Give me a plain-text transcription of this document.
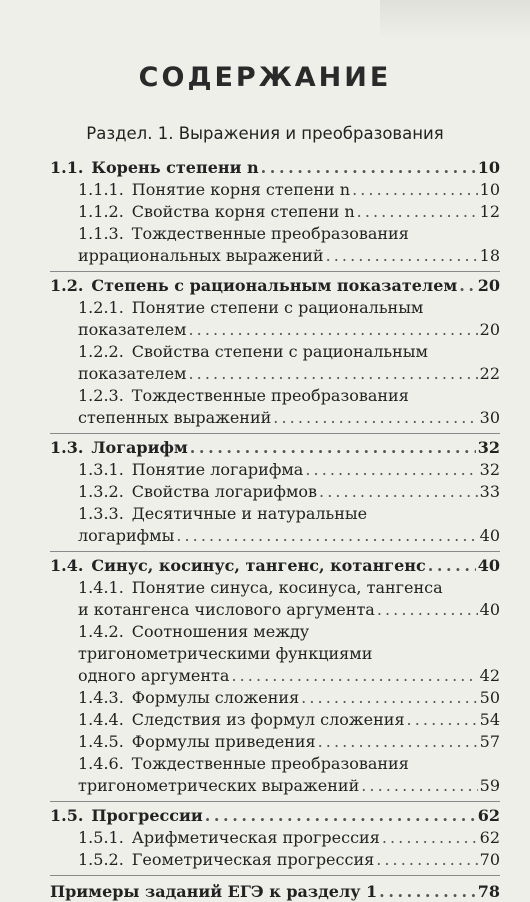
СОДЕРЖАНИЕ
Раздел. 1. Выражения и преобразования
1.1. Корень степени n . . .	10
1.1.1. Понятие корня степени n . . .	10
1.1.2. Свойства корня степени n . . .	12
1.1.3. Тождественные преобразования
иррациональных выражений . . .	18
1.2. Степень с рациональным показателем . . . 20
1.2.1. Понятие степени с рациональным
показателем . . .	20
1.2.2. Свойства степени с рациональным
показателем . . .	22
1.2.3. Тождественные преобразования
степенных выражений . . .	30
1.3. Логарифм . . .	32
1.3.1. Понятие логарифма . . .	32
1.3.2. Свойства логарифмов . . .	33
1.3.3. Десятичные и натуральные
логарифмы . . .	40
1.4. Синус, косинус, тангенс, котангенс . . .	40
1.4.1. Понятие синуса, косинуса, тангенса
и котангенса числового аргумента . . .	40
1.4.2. Соотношения между
тригонометрическими функциями
одного аргумента . . .	42
1.4.3. Формулы сложения . . .	50
1.4.4. Следствия из формул сложения . . .	54
1.4.5. Формулы приведения . . .	57
1.4.6. Тождественные преобразования
тригонометрических выражений . . .	59
1.5. Прогрессии . . .	62
1.5.1. Арифметическая прогрессия . . .	62
1.5.2. Геометрическая прогрессия . . .	70
Примеры заданий ЕГЭ к разделу 1 . . .	78
